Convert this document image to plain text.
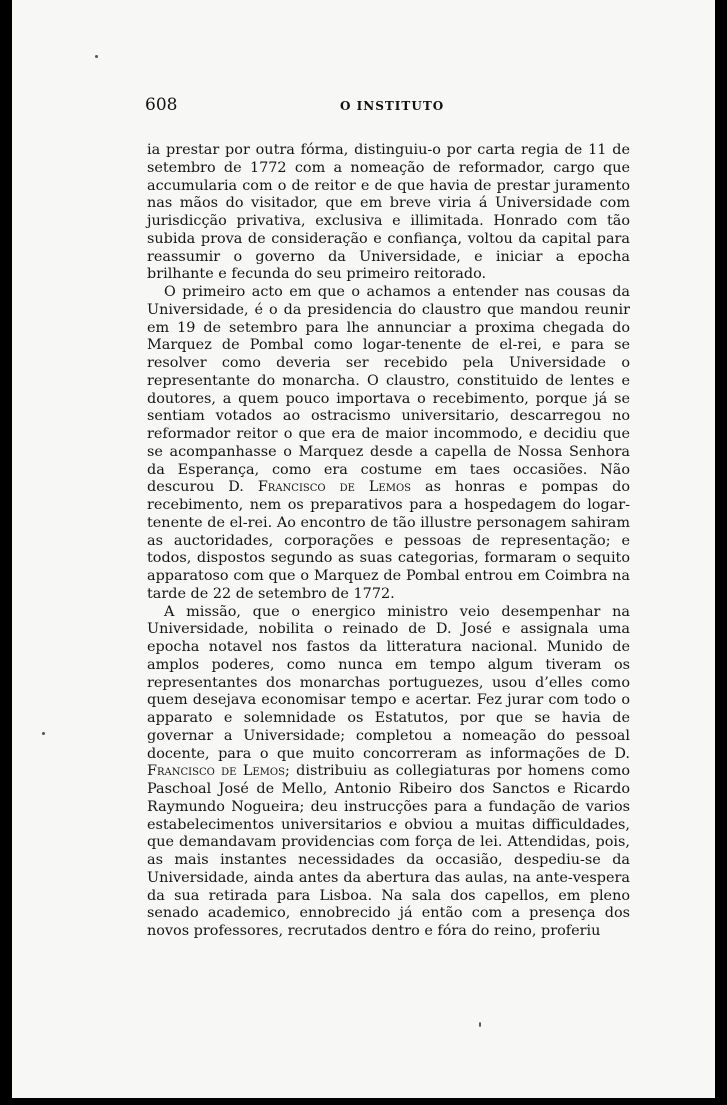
608	O INSTITUTO

ia prestar por outra fórma, distinguiu-o por carta regia de 11 de setembro de 1772 com a nomeação de reformador, cargo que accumularia com o de reitor e de que havia de prestar juramento nas mãos do visitador, que em breve viria á Universidade com jurisdicção privativa, exclusiva e illimitada. Honrado com tão subida prova de consideração e confiança, voltou da capital para reassumir o governo da Universidade, e iniciar a epocha brilhante e fecunda do seu primeiro reitorado.

O primeiro acto em que o achamos a entender nas cousas da Universidade, é o da presidencia do claustro que mandou reunir em 19 de setembro para lhe annunciar a proxima chegada do Marquez de Pombal como logar-tenente de el-rei, e para se resolver como deveria ser recebido pela Universidade o representante do monarcha. O claustro, constituido de lentes e doutores, a quem pouco importava o recebimento, porque já se sentiam votados ao ostracismo universitario, descarregou no reformador reitor o que era de maior incommodo, e decidiu que se acompanhasse o Marquez desde a capella de Nossa Senhora da Esperança, como era costume em taes occasiões. Não descurou D. Francisco de Lemos as honras e pompas do recebimento, nem os preparativos para a hospedagem do logar-tenente de el-rei. Ao encontro de tão illustre personagem sahiram as auctoridades, corporações e pessoas de representação; e todos, dispostos segundo as suas categorias, formaram o sequito apparatoso com que o Marquez de Pombal entrou em Coimbra na tarde de 22 de setembro de 1772.

A missão, que o energico ministro veio desempenhar na Universidade, nobilita o reinado de D. José e assignala uma epocha notavel nos fastos da litteratura nacional. Munido de amplos poderes, como nunca em tempo algum tiveram os representantes dos monarchas portuguezes, usou d’elles como quem desejava economisar tempo e acertar. Fez jurar com todo o apparato e solemnidade os Estatutos, por que se havia de governar a Universidade; completou a nomeação do pessoal docente, para o que muito concorreram as informações de D. Francisco de Lemos; distribuiu as collegiaturas por homens como Paschoal José de Mello, Antonio Ribeiro dos Sanctos e Ricardo Raymundo Nogueira; deu instrucções para a fundação de varios estabelecimentos universitarios e obviou a muitas difficuldades, que demandavam providencias com força de lei. Attendidas, pois, as mais instantes necessidades da occasião, despediu-se da Universidade, ainda antes da abertura das aulas, na ante-vespera da sua retirada para Lisboa. Na sala dos capellos, em pleno senado academico, ennobrecido já então com a presença dos novos professores, recrutados dentro e fóra do reino, proferiu
